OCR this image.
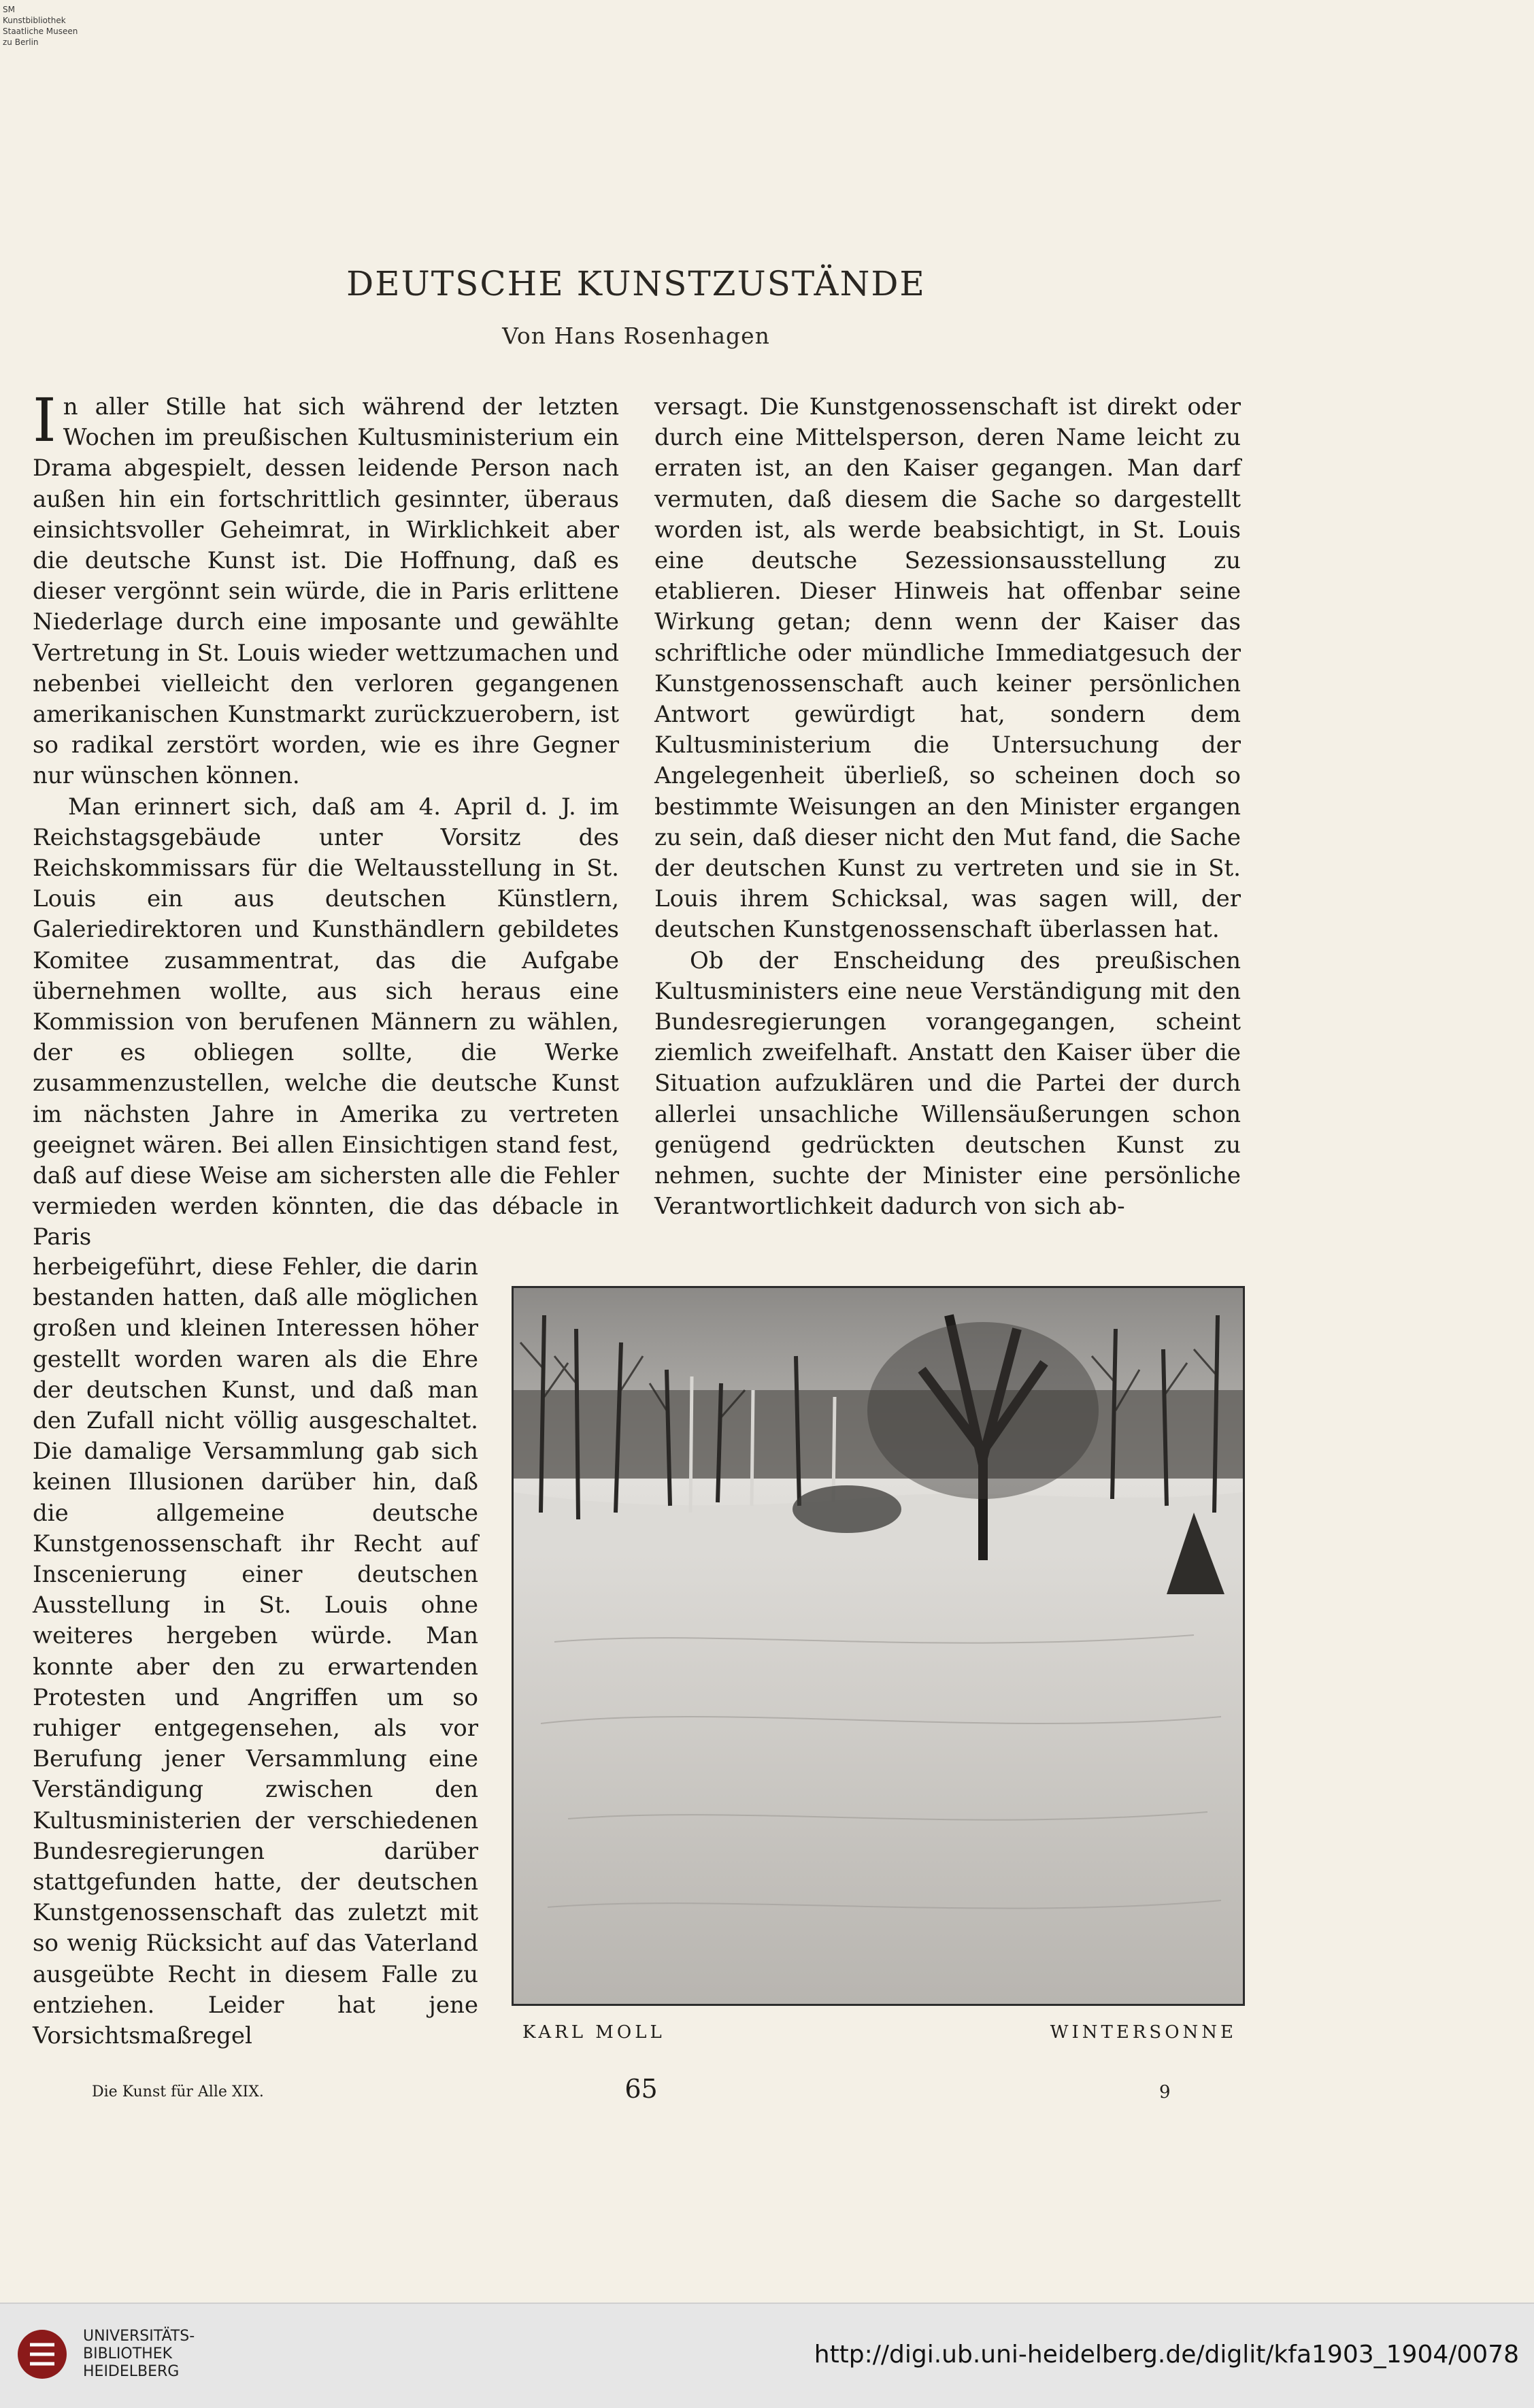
SM
Kunstbibliothek
Staatliche Museen
zu Berlin
DEUTSCHE KUNSTZUSTÄNDE
Von Hans Rosenhagen

I n aller Stille hat sich während der letzten Wochen im preußischen Kultusministerium ein Drama abgespielt, dessen leidende Person nach außen hin ein fortschrittlich gesinnter, überaus einsichtsvoller Geheimrat, in Wirklichkeit aber die deutsche Kunst ist. Die Hoffnung, daß es dieser vergönnt sein würde, die in Paris erlittene Niederlage durch eine imposante und gewählte Vertretung in St. Louis wieder wettzumachen und nebenbei vielleicht den verloren gegangenen amerikanischen Kunstmarkt zurückzuerobern, ist so radikal zerstört worden, wie es ihre Gegner nur wünschen können.

Man erinnert sich, daß am 4. April d. J. im Reichstagsgebäude unter Vorsitz des Reichskommissars für die Weltausstellung in St. Louis ein aus deutschen Künstlern, Galeriedirektoren und Kunsthändlern gebildetes Komitee zusammentrat, das die Aufgabe übernehmen wollte, aus sich heraus eine Kommission von berufenen Männern zu wählen, der es obliegen sollte, die Werke zusammenzustellen, welche die deutsche Kunst im nächsten Jahre in Amerika zu vertreten geeignet wären. Bei allen Einsichtigen stand fest, daß auf diese Weise am sichersten alle die Fehler vermieden werden könnten, die das débacle in Paris

herbeigeführt, diese Fehler, die darin bestanden hatten, daß alle möglichen großen und kleinen Interessen höher gestellt worden waren als die Ehre der deutschen Kunst, und daß man den Zufall nicht völlig ausgeschaltet. Die damalige Versammlung gab sich keinen Illusionen darüber hin, daß die allgemeine deutsche Kunstgenossenschaft ihr Recht auf Inscenierung einer deutschen Ausstellung in St. Louis ohne weiteres hergeben würde. Man konnte aber den zu erwartenden Protesten und Angriffen um so ruhiger entgegensehen, als vor Berufung jener Versammlung eine Verständigung zwischen den Kultusministerien der verschiedenen Bundesregierungen darüber stattgefunden hatte, der deutschen Kunstgenossenschaft das zuletzt mit so wenig Rücksicht auf das Vaterland ausgeübte Recht in diesem Falle zu entziehen. Leider hat jene Vorsichtsmaßregel

versagt. Die Kunstgenossenschaft ist direkt oder durch eine Mittelsperson, deren Name leicht zu erraten ist, an den Kaiser gegangen. Man darf vermuten, daß diesem die Sache so dargestellt worden ist, als werde beabsichtigt, in St. Louis eine deutsche Sezessionsausstellung zu etablieren. Dieser Hinweis hat offenbar seine Wirkung getan; denn wenn der Kaiser das schriftliche oder mündliche Immediatgesuch der Kunstgenossenschaft auch keiner persönlichen Antwort gewürdigt hat, sondern dem Kultusministerium die Untersuchung der Angelegenheit überließ, so scheinen doch so bestimmte Weisungen an den Minister ergangen zu sein, daß dieser nicht den Mut fand, die Sache der deutschen Kunst zu vertreten und sie in St. Louis ihrem Schicksal, was sagen will, der deutschen Kunstgenossenschaft überlassen hat.

Ob der Enscheidung des preußischen Kultusministers eine neue Verständigung mit den Bundesregierungen vorangegangen, scheint ziemlich zweifelhaft. Anstatt den Kaiser über die Situation aufzuklären und die Partei der durch allerlei unsachliche Willensäußerungen schon genügend gedrückten deutschen Kunst zu nehmen, suchte der Minister eine persönliche Verantwortlichkeit dadurch von sich ab-

KARL MOLL	WINTERSONNE
Die Kunst für Alle XIX.	65	9
UNIVERSITÄTS-
BIBLIOTHEK
HEIDELBERG
http://digi.ub.uni-heidelberg.de/diglit/kfa1903_1904/0078
